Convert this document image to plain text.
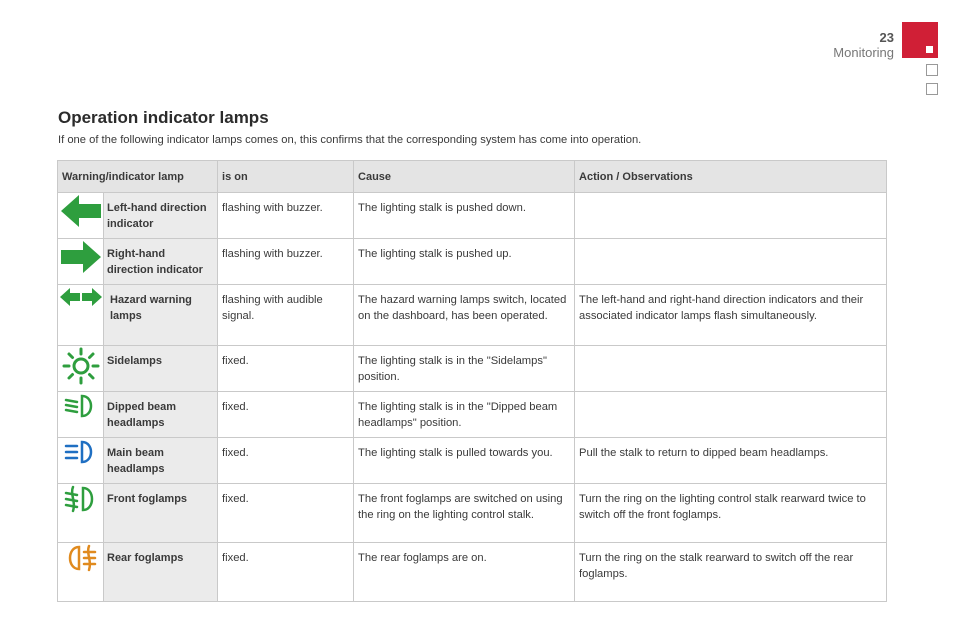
23
Monitoring
Operation indicator lamps
If one of the following indicator lamps comes on, this confirms that the corresponding system has come into operation.
Warning/indicator lamp		is on	Cause	Action / Observations

	Left-hand direction indicator	flashing with buzzer.	The lighting stalk is pushed down.	

	Right-hand direction indicator	flashing with buzzer.	The lighting stalk is pushed up.	

	Hazard warning lamps	flashing with audible signal.	The hazard warning lamps switch, located on the dashboard, has been operated.	The left-hand and right-hand direction indicators and their associated indicator lamps flash simultaneously.

	Sidelamps	fixed.	The lighting stalk is in the "Sidelamps" position.	

	Dipped beam headlamps	fixed.	The lighting stalk is in the "Dipped beam headlamps" position.	

	Main beam headlamps	fixed.	The lighting stalk is pulled towards you.	Pull the stalk to return to dipped beam headlamps.

	Front foglamps	fixed.	The front foglamps are switched on using the ring on the lighting control stalk.	Turn the ring on the lighting control stalk rearward twice to switch off the front foglamps.

	Rear foglamps	fixed.	The rear foglamps are on.	Turn the ring on the stalk rearward to switch off the rear foglamps.
